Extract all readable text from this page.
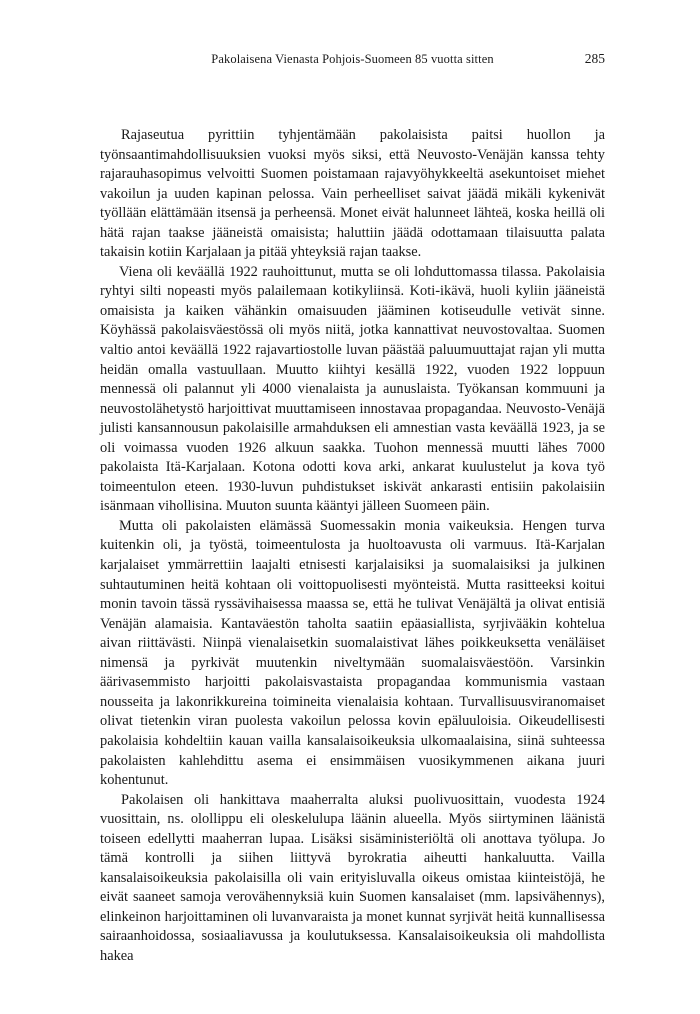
Pakolaisena Vienasta Pohjois-Suomeen 85 vuotta sitten	285

Rajaseutua pyrittiin tyhjentämään pakolaisista paitsi huollon ja työnsaantimahdollisuuksien vuoksi myös siksi, että Neuvosto-Venäjän kanssa tehty rajarauhasopimus velvoitti Suomen poistamaan rajavyöhykkeeltä asekuntoiset miehet vakoilun ja uuden kapinan pelossa. Vain perheelliset saivat jäädä mikäli kykenivät työllään elättämään itsensä ja perheensä. Monet eivät halunneet lähteä, koska heillä oli hätä rajan taakse jääneistä omaisista; haluttiin jäädä odottamaan tilaisuutta palata takaisin kotiin Karjalaan ja pitää yhteyksiä rajan taakse.

Viena oli keväällä 1922 rauhoittunut, mutta se oli lohduttomassa tilassa. Pakolaisia ryhtyi silti nopeasti myös palailemaan kotikyliinsä. Koti-ikävä, huoli kyliin jääneistä omaisista ja kaiken vähänkin omaisuuden jääminen kotiseudulle vetivät sinne. Köyhässä pakolaisväestössä oli myös niitä, jotka kannattivat neuvostovaltaa. Suomen valtio antoi keväällä 1922 rajavartiostolle luvan päästää paluumuuttajat rajan yli mutta heidän omalla vastuullaan. Muutto kiihtyi kesällä 1922, vuoden 1922 loppuun mennessä oli palannut yli 4000 vienalaista ja aunuslaista. Työkansan kommuuni ja neuvostolähetystö harjoittivat muuttamiseen innostavaa propagandaa. Neuvosto-Venäjä julisti kansannousun pakolaisille armahduksen eli amnestian vasta keväällä 1923, ja se oli voimassa vuoden 1926 alkuun saakka. Tuohon mennessä muutti lähes 7000 pakolaista Itä-Karjalaan. Kotona odotti kova arki, ankarat kuulustelut ja kova työ toimeentulon eteen. 1930-luvun puhdistukset iskivät ankarasti entisiin pakolaisiin isänmaan vihollisina. Muuton suunta kääntyi jälleen Suomeen päin.

Mutta oli pakolaisten elämässä Suomessakin monia vaikeuksia. Hengen turva kuitenkin oli, ja työstä, toimeentulosta ja huoltoavusta oli varmuus. Itä-Karjalan karjalaiset ymmärrettiin laajalti etnisesti karjalaisiksi ja suomalaisiksi ja julkinen suhtautuminen heitä kohtaan oli voittopuolisesti myönteistä. Mutta rasitteeksi koitui monin tavoin tässä ryssävihaisessa maassa se, että he tulivat Venäjältä ja olivat entisiä Venäjän alamaisia. Kantaväestön taholta saatiin epäasiallista, syrjivääkin kohtelua aivan riittävästi. Niinpä vienalaisetkin suomalaistivat lähes poikkeuksetta venäläiset nimensä ja pyrkivät muutenkin niveltymään suomalaisväestöön. Varsinkin äärivasemmisto harjoitti pakolaisvastaista propagandaa kommunismia vastaan nousseita ja lakonrikkureina toimineita vienalaisia kohtaan. Turvallisuusviranomaiset olivat tietenkin viran puolesta vakoilun pelossa kovin epäluuloisia. Oikeudellisesti pakolaisia kohdeltiin kauan vailla kansalaisoikeuksia ulkomaalaisina, siinä suhteessa pakolaisten kahlehdittu asema ei ensimmäisen vuosikymmenen aikana juuri kohentunut.

Pakolaisen oli hankittava maaherralta aluksi puolivuosittain, vuodesta 1924 vuosittain, ns. olollippu eli oleskelulupa läänin alueella. Myös siirtyminen läänistä toiseen edellytti maaherran lupaa. Lisäksi sisäministeriöltä oli anottava työlupa. Jo tämä kontrolli ja siihen liittyvä byrokratia aiheutti hankaluutta. Vailla kansalaisoikeuksia pakolaisilla oli vain erityisluvalla oikeus omistaa kiinteistöjä, he eivät saaneet samoja verovähennyksiä kuin Suomen kansalaiset (mm. lapsivähennys), elinkeinon harjoittaminen oli luvanvaraista ja monet kunnat syrjivät heitä kunnallisessa sairaanhoidossa, sosiaaliavussa ja koulutuksessa. Kansalaisoikeuksia oli mahdollista hakea
